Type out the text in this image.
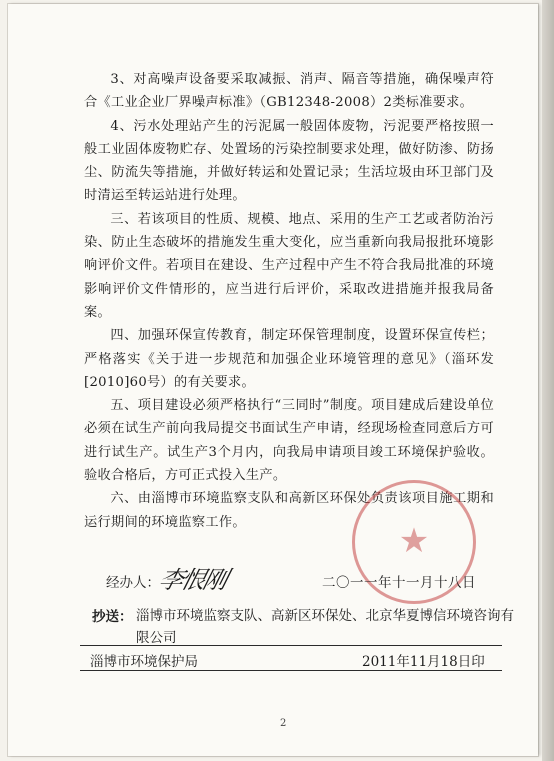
3、对高噪声设备要采取减振、消声、隔音等措施，确保噪声符合《工业企业厂界噪声标准》（GB12348-2008）2类标准要求。

4、污水处理站产生的污泥属一般固体废物，污泥要严格按照一般工业固体废物贮存、处置场的污染控制要求处理，做好防渗、防扬尘、防流失等措施，并做好转运和处置记录；生活垃圾由环卫部门及时清运至转运站进行处理。

三、若该项目的性质、规模、地点、采用的生产工艺或者防治污染、防止生态破坏的措施发生重大变化，应当重新向我局报批环境影响评价文件。若项目在建设、生产过程中产生不符合我局批准的环境影响评价文件情形的，应当进行后评价，采取改进措施并报我局备案。

四、加强环保宣传教育，制定环保管理制度，设置环保宣传栏；严格落实《关于进一步规范和加强企业环境管理的意见》（淄环发[2010]60号）的有关要求。

五、项目建设必须严格执行“三同时”制度。项目建成后建设单位必须在试生产前向我局提交书面试生产申请，经现场检查同意后方可进行试生产。试生产3个月内，向我局申请项目竣工环境保护验收。验收合格后，方可正式投入生产。

六、由淄博市环境监察支队和高新区环保处负责该项目施工期和运行期间的环境监察工作。	★
经办人：
李恨刚	二〇一一年十一月十八日
抄送： 淄博市环境监察支队、高新区环保处、北京华夏博信环境咨询有限公司
淄博市环境保护局	2011年11月18日印
2
